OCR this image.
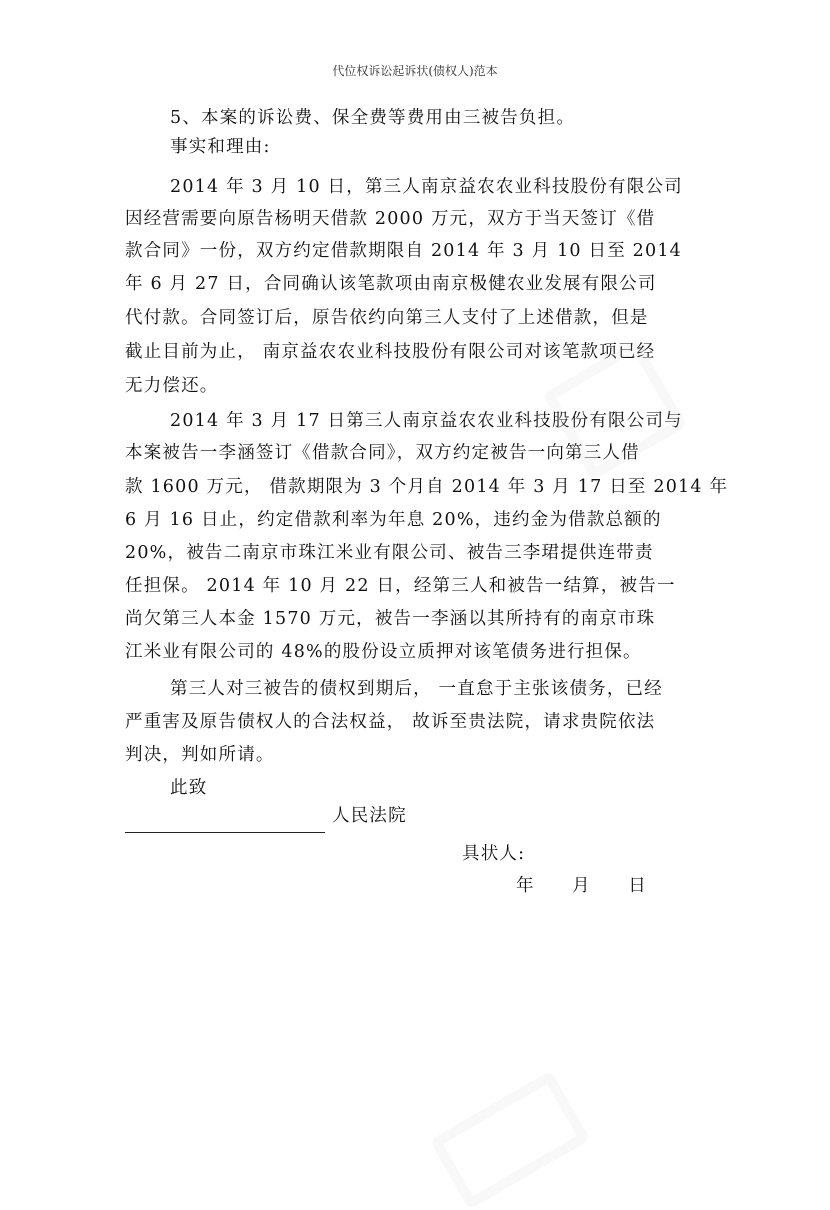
代位权诉讼起诉状(债权人)范本
5、本案的诉讼费、保全费等费用由三被告负担。
事实和理由:
2014 年 3 月 10 日，第三人南京益农农业科技股份有限公司
因经营需要向原告杨明天借款 2000 万元，双方于当天签订《借
款合同》一份，双方约定借款期限自 2014 年 3 月 10 日至 2014
年 6 月 27 日，合同确认该笔款项由南京极健农业发展有限公司
代付款。合同签订后，原告依约向第三人支付了上述借款，但是
截止目前为止， 南京益农农业科技股份有限公司对该笔款项已经
无力偿还。
2014 年 3 月 17 日第三人南京益农农业科技股份有限公司与
本案被告一李涵签订《借款合同》，双方约定被告一向第三人借
款 1600 万元， 借款期限为 3 个月自 2014 年 3 月 17 日至 2014 年
6 月 16 日止，约定借款利率为年息 20%，违约金为借款总额的
20%，被告二南京市珠江米业有限公司、被告三李珺提供连带责
任担保。 2014 年 10 月 22 日，经第三人和被告一结算，被告一
尚欠第三人本金 1570 万元，被告一李涵以其所持有的南京市珠
江米业有限公司的 48%的股份设立质押对该笔债务进行担保。
第三人对三被告的债权到期后， 一直怠于主张该债务，已经
严重害及原告债权人的合法权益， 故诉至贵法院，请求贵院依法
判决，判如所请。
此致
人民法院
具状人:
年　　月　　日
